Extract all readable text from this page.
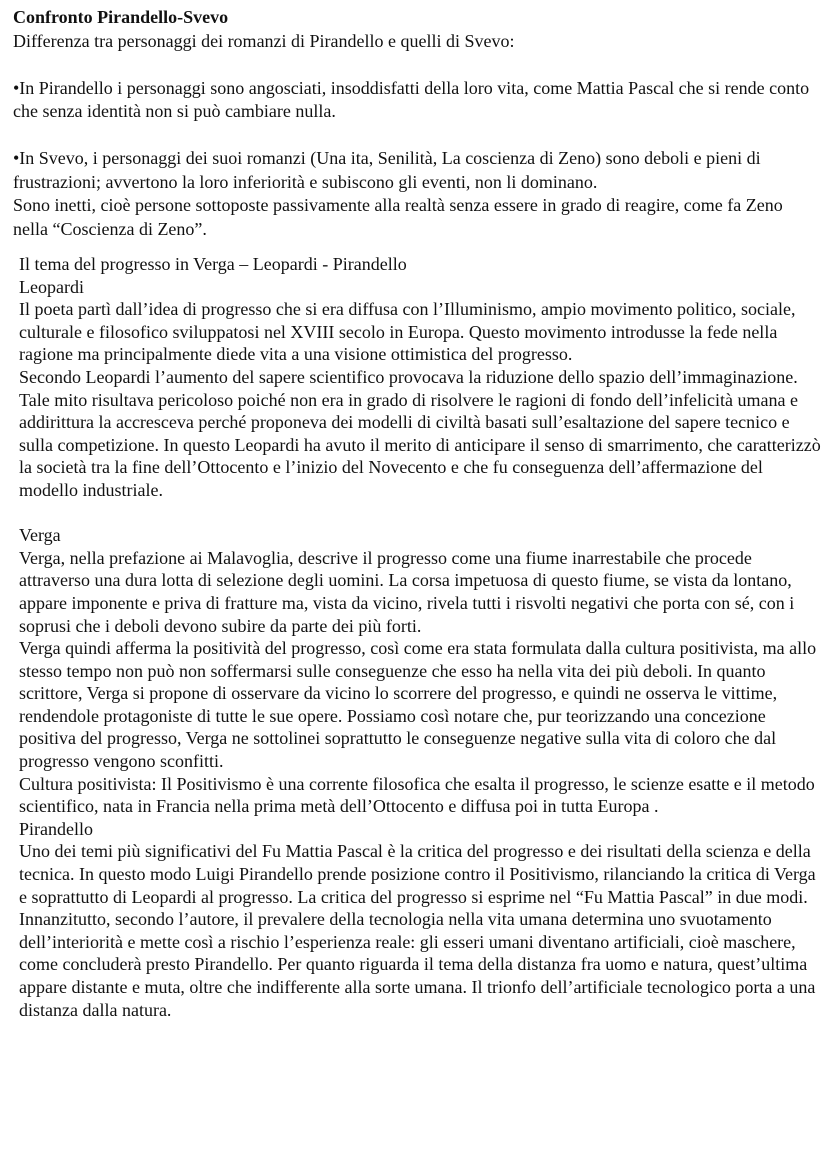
Confronto Pirandello-Svevo

Differenza tra personaggi dei romanzi di Pirandello e quelli di Svevo:

•In Pirandello i personaggi sono angosciati, insoddisfatti della loro vita, come Mattia Pascal che si rende conto che senza identità non si può cambiare nulla.

•In Svevo, i personaggi dei suoi romanzi (Una ita, Senilità, La coscienza di Zeno) sono deboli e pieni di frustrazioni; avvertono la loro inferiorità e subiscono gli eventi, non li dominano.

Sono inetti, cioè persone sottoposte passivamente alla realtà senza essere in grado di reagire, come fa Zeno nella “Coscienza di Zeno”.

Il tema del progresso in Verga – Leopardi - Pirandello

Leopardi

Il poeta partì dall’idea di progresso che si era diffusa con l’Illuminismo, ampio movimento politico, sociale, culturale e filosofico sviluppatosi nel XVIII secolo in Europa. Questo movimento introdusse la fede nella ragione ma principalmente diede vita a una visione ottimistica del progresso.

Secondo Leopardi l’aumento del sapere scientifico provocava la riduzione dello spazio dell’immaginazione. Tale mito risultava pericoloso poiché non era in grado di risolvere le ragioni di fondo dell’infelicità umana e addirittura la accresceva perché proponeva dei modelli di civiltà basati sull’esaltazione del sapere tecnico e sulla competizione. In questo Leopardi ha avuto il merito di anticipare il senso di smarrimento, che caratterizzò la società tra la fine dell’Ottocento e l’inizio del Novecento e che fu conseguenza dell’affermazione del modello industriale.

Verga

Verga, nella prefazione ai Malavoglia, descrive il progresso come una fiume inarrestabile che procede attraverso una dura lotta di selezione degli uomini. La corsa impetuosa di questo fiume, se vista da lontano, appare imponente e priva di fratture ma, vista da vicino, rivela tutti i risvolti negativi che porta con sé, con i soprusi che i deboli devono subire da parte dei più forti.

Verga quindi afferma la positività del progresso, così come era stata formulata dalla cultura positivista, ma allo stesso tempo non può non soffermarsi sulle conseguenze che esso ha nella vita dei più deboli. In quanto scrittore, Verga si propone di osservare da vicino lo scorrere del progresso, e quindi ne osserva le vittime, rendendole protagoniste di tutte le sue opere. Possiamo così notare che, pur teorizzando una concezione positiva del progresso, Verga ne sottolinei soprattutto le conseguenze negative sulla vita di coloro che dal progresso vengono sconfitti.

Cultura positivista: Il Positivismo è una corrente filosofica che esalta il progresso, le scienze esatte e il metodo scientifico, nata in Francia nella prima metà dell’Ottocento e diffusa poi in tutta Europa .

Pirandello

Uno dei temi più significativi del Fu Mattia Pascal è la critica del progresso e dei risultati della scienza e della tecnica. In questo modo Luigi Pirandello prende posizione contro il Positivismo, rilanciando la critica di Verga e soprattutto di Leopardi al progresso. La critica del progresso si esprime nel “Fu Mattia Pascal” in due modi. Innanzitutto, secondo l’autore, il prevalere della tecnologia nella vita umana determina uno svuotamento dell’interiorità e mette così a rischio l’esperienza reale: gli esseri umani diventano artificiali, cioè maschere, come concluderà presto Pirandello. Per quanto riguarda il tema della distanza fra uomo e natura, quest’ultima appare distante e muta, oltre che indifferente alla sorte umana. Il trionfo dell’artificiale tecnologico porta a una distanza dalla natura.
